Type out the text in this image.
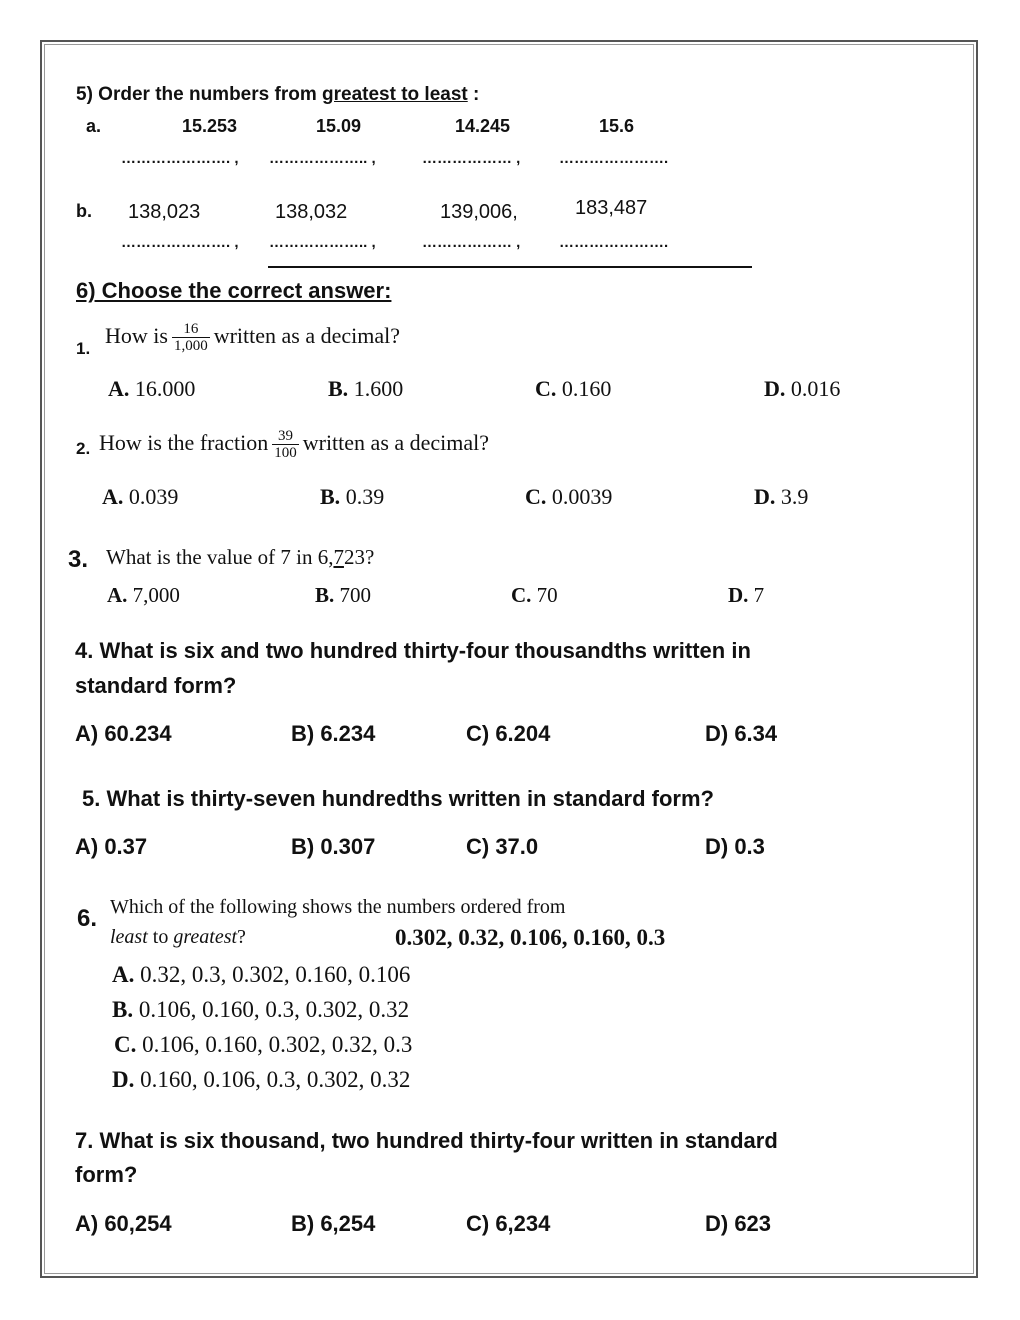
5) Order the numbers from greatest to least :
a.	15.253	15.09	14.245	15.6
…………………. , ……………….. ,	……………… ,	………………….
b. 138,023	138,032	139,006,	183,487
…………………. , ……………….. ,	……………… ,	………………….
6) Choose the correct answer:
1.
How is $\frac{16}{1,000}$ written as a decimal?
A. 16.000	B. 1.600	C. 0.160	D. 0.016
2. How is the fraction $\frac{39}{100}$ written as a decimal?
A. 0.039	B. 0.39	C. 0.0039	D. 3.9
3. What is the value of 7 in 6,723?
A. 7,000	B. 700	C. 70	D. 7
4. What is six and two hundred thirty-four thousandths written in
standard form?
A) 60.234	B) 6.234	C) 6.204	D) 6.34
5. What is thirty-seven hundredths written in standard form?
A) 0.37	B) 0.307	C) 37.0	D) 0.3
6. Which of the following shows the numbers ordered from
least to greatest?	0.302, 0.32, 0.106, 0.160, 0.3
A. 0.32, 0.3, 0.302, 0.160, 0.106
B. 0.106, 0.160, 0.3, 0.302, 0.32
C. 0.106, 0.160, 0.302, 0.32, 0.3
D. 0.160, 0.106, 0.3, 0.302, 0.32
7. What is six thousand, two hundred thirty-four written in standard
form?
A) 60,254	B) 6,254	C) 6,234	D) 623
